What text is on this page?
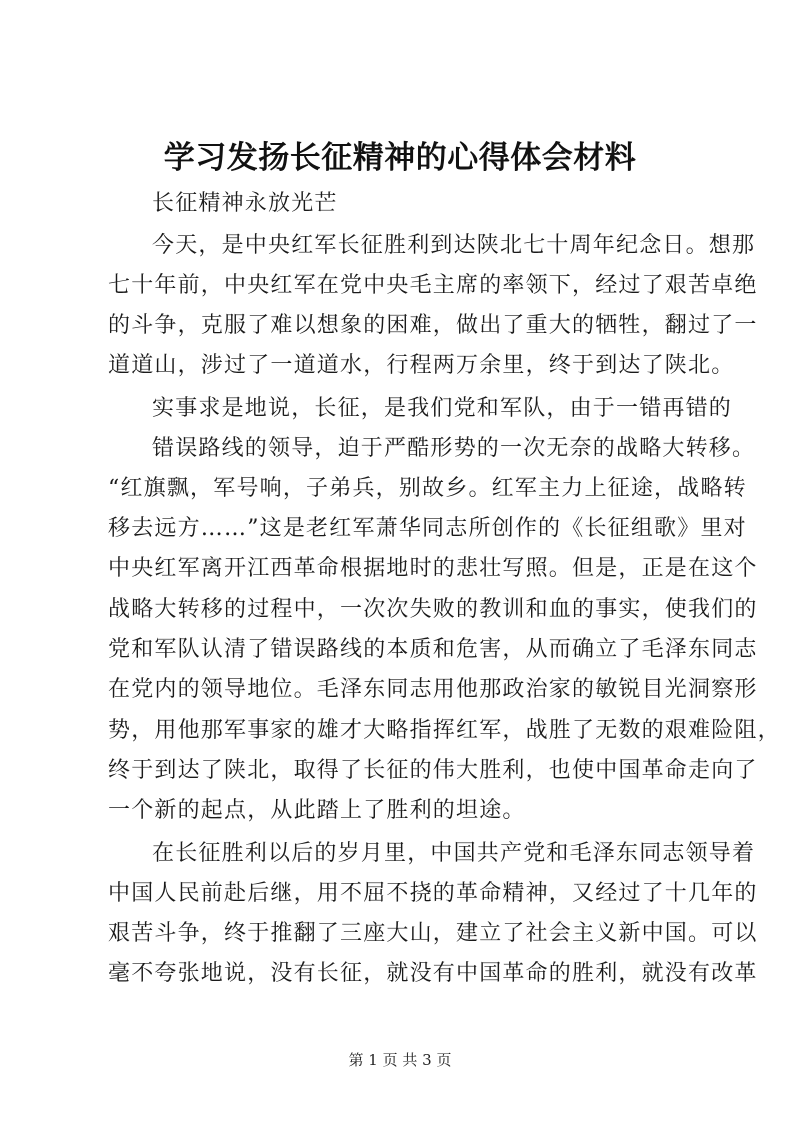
学习发扬长征精神的心得体会材料
长征精神永放光芒
今天，是中央红军长征胜利到达陕北七十周年纪念日。想那
七十年前，中央红军在党中央毛主席的率领下，经过了艰苦卓绝
的斗争，克服了难以想象的困难，做出了重大的牺牲，翻过了一
道道山，涉过了一道道水，行程两万余里，终于到达了陕北。
实事求是地说，长征，是我们党和军队，由于一错再错的
错误路线的领导，迫于严酷形势的一次无奈的战略大转移。
“红旗飘，军号响，子弟兵，别故乡。红军主力上征途，战略转
移去远方……”这是老红军萧华同志所创作的《长征组歌》里对
中央红军离开江西革命根据地时的悲壮写照。但是，正是在这个
战略大转移的过程中，一次次失败的教训和血的事实，使我们的
党和军队认清了错误路线的本质和危害，从而确立了毛泽东同志
在党内的领导地位。毛泽东同志用他那政治家的敏锐目光洞察形
势，用他那军事家的雄才大略指挥红军，战胜了无数的艰难险阻，
终于到达了陕北，取得了长征的伟大胜利，也使中国革命走向了
一个新的起点，从此踏上了胜利的坦途。
在长征胜利以后的岁月里，中国共产党和毛泽东同志领导着
中国人民前赴后继，用不屈不挠的革命精神，又经过了十几年的
艰苦斗争，终于推翻了三座大山，建立了社会主义新中国。可以
毫不夸张地说，没有长征，就没有中国革命的胜利，就没有改革
第 1 页 共 3 页
